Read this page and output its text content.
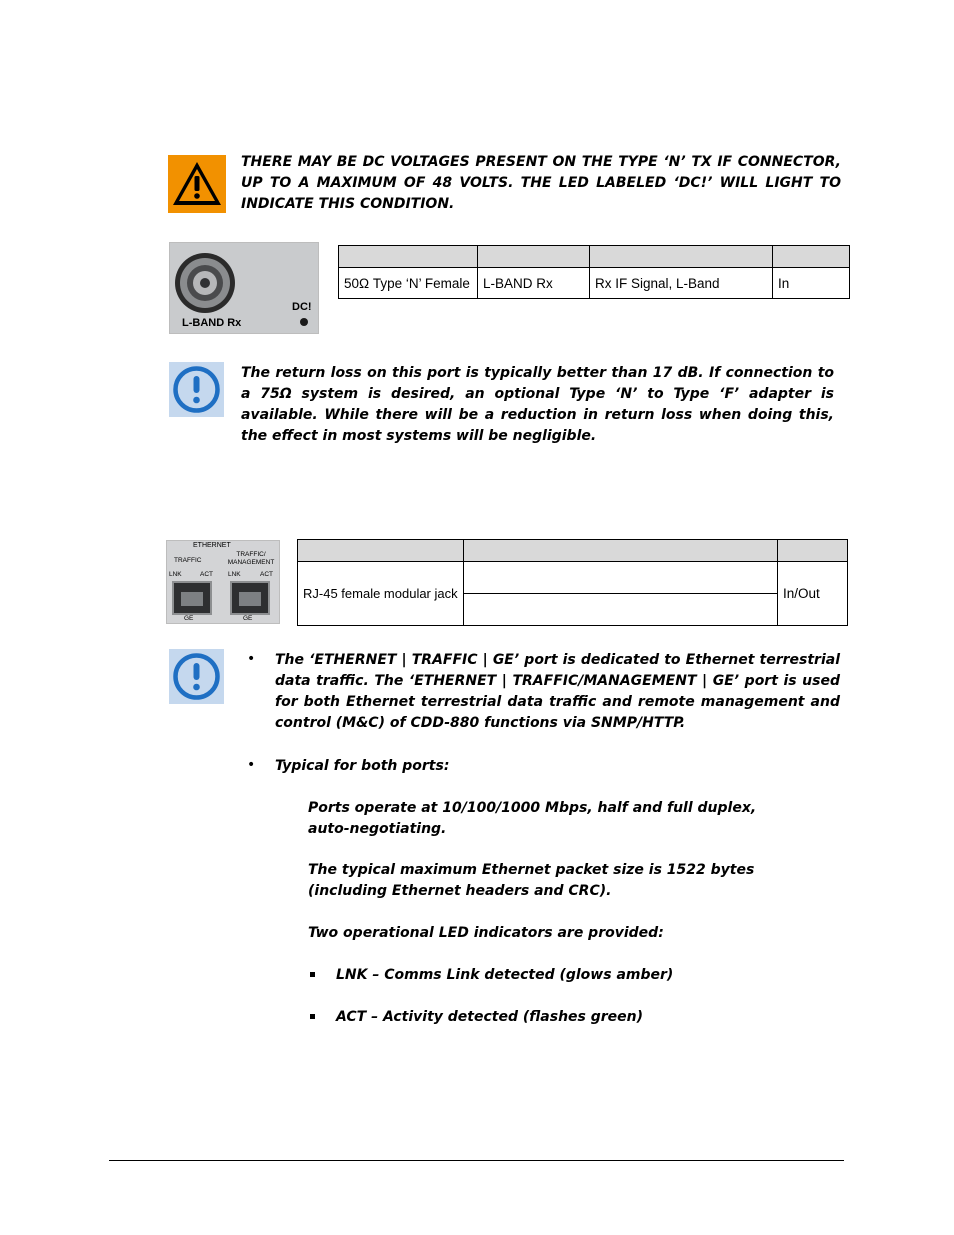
THERE MAY BE DC VOLTAGES PRESENT ON THE TYPE ‘N’ TX IF CONNECTOR, UP TO A MAXIMUM OF 48 VOLTS. THE LED LABELED ‘DC!’ WILL LIGHT TO INDICATE THIS CONDITION.
DC!
L-BAND Rx

50Ω Type ‘N’ Female	L-BAND Rx	Rx IF Signal, L-Band	In
The return loss on this port is typically better than 17 dB. If connection to a 75Ω system is desired, an optional Type ‘N’ to Type ‘F’ adapter is available. While there will be a reduction in return loss when doing this, the effect in most systems will be negligible.
ETHERNET
TRAFFIC
TRAFFIC/ MANAGEMENT
LNK	ACT LNK	ACT
GE	GE

RJ-45 female modular jack		In/Out

• The ‘ETHERNET | TRAFFIC | GE’ port is dedicated to Ethernet terrestrial data traffic. The ‘ETHERNET | TRAFFIC/MANAGEMENT | GE’ port is used for both Ethernet terrestrial data traffic and remote management and control (M&C) of CDD-880 functions via SNMP/HTTP.
• Typical for both ports:
Ports operate at 10/100/1000 Mbps, half and full duplex, auto-negotiating.
The typical maximum Ethernet packet size is 1522 bytes (including Ethernet headers and CRC).
Two operational LED indicators are provided:
LNK – Comms Link detected (glows amber)
ACT – Activity detected (flashes green)
